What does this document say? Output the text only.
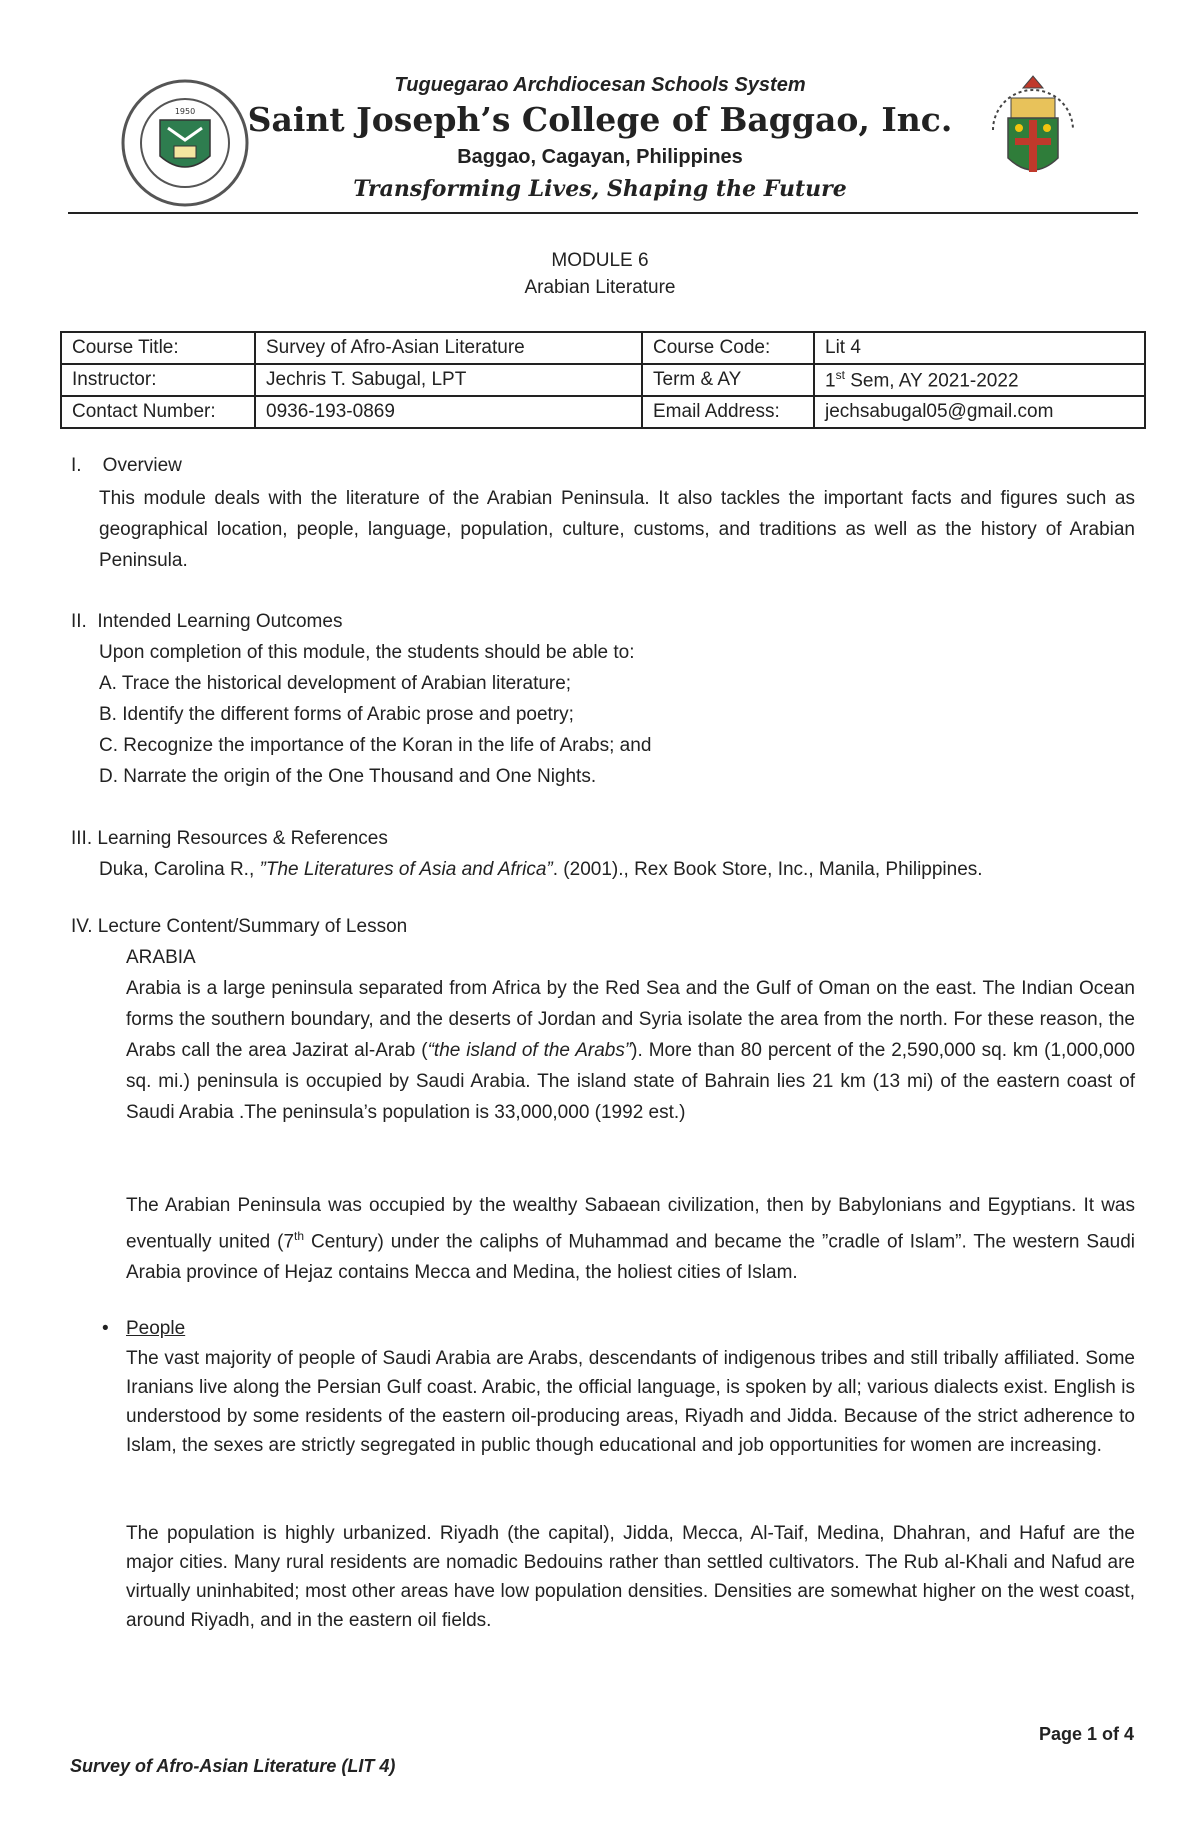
1950
Tuguegarao Archdiocesan Schools System
Saint Joseph’s College of Baggao, Inc.
Baggao, Cagayan, Philippines
Transforming Lives, Shaping the Future
MODULE 6
Arabian Literature
Course Title:	Survey of Afro-Asian Literature	Course Code:	Lit 4
Instructor:	Jechris T. Sabugal, LPT	Term & AY	1st Sem, AY 2021-2022
Contact Number:	0936-193-0869	Email Address:	jechsabugal05@gmail.com
I.    Overview
This module deals with the literature of the Arabian Peninsula. It also tackles the important facts and figures such as geographical location, people, language, population, culture, customs, and traditions as well as the history of Arabian Peninsula.
II.  Intended Learning Outcomes
Upon completion of this module, the students should be able to:
A. Trace the historical development of Arabian literature;
B. Identify the different forms of Arabic prose and poetry;
C. Recognize the importance of the Koran in the life of Arabs; and
D. Narrate the origin of the One Thousand and One Nights.
III. Learning Resources & References
Duka, Carolina R., ”The Literatures of Asia and Africa”. (2001)., Rex Book Store, Inc., Manila, Philippines.
IV. Lecture Content/Summary of Lesson
ARABIA
Arabia is a large peninsula separated from Africa by the Red Sea and the Gulf of Oman on the east. The Indian Ocean forms the southern boundary, and the deserts of Jordan and Syria isolate the area from the north. For these reason, the Arabs call the area Jazirat al-Arab (“the island of the Arabs”). More than 80 percent of the 2,590,000 sq. km (1,000,000 sq. mi.) peninsula is occupied by Saudi Arabia. The island state of Bahrain lies 21 km (13 mi) of the eastern coast of Saudi Arabia .The peninsula’s population is 33,000,000 (1992 est.)
The Arabian Peninsula was occupied by the wealthy Sabaean civilization, then by Babylonians and Egyptians. It was eventually united (7th Century) under the caliphs of Muhammad and became the ”cradle of Islam”. The western Saudi Arabia province of Hejaz contains Mecca and Medina, the holiest cities of Islam.
• People
The vast majority of people of Saudi Arabia are Arabs, descendants of indigenous tribes and still tribally affiliated. Some Iranians live along the Persian Gulf coast. Arabic, the official language, is spoken by all; various dialects exist. English is understood by some residents of the eastern oil-producing areas, Riyadh and Jidda. Because of the strict adherence to Islam, the sexes are strictly segregated in public though educational and job opportunities for women are increasing.
The population is highly urbanized. Riyadh (the capital), Jidda, Mecca, Al-Taif, Medina, Dhahran, and Hafuf are the major cities. Many rural residents are nomadic Bedouins rather than settled cultivators. The Rub al-Khali and Nafud are virtually uninhabited; most other areas have low population densities. Densities are somewhat higher on the west coast, around Riyadh, and in the eastern oil fields.
Page 1 of 4
Survey of Afro-Asian Literature (LIT 4)
